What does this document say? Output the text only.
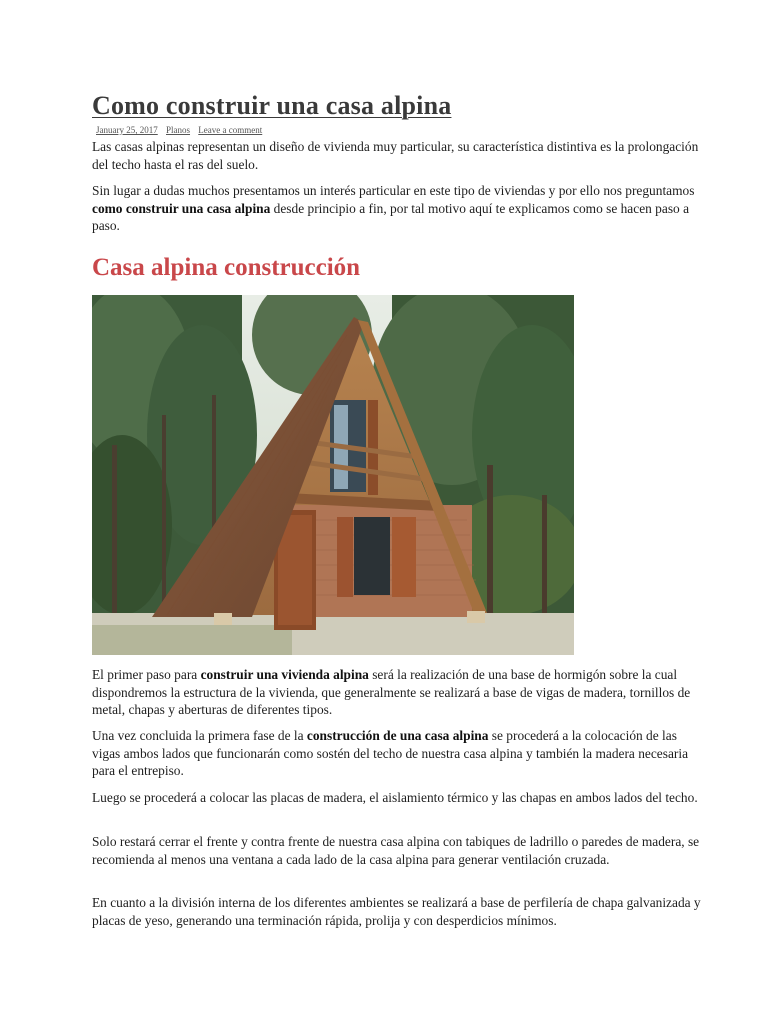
Como construir una casa alpina
January 25, 2017 Planos Leave a comment

Las casas alpinas representan un diseño de vivienda muy particular, su característica distintiva es la prolongación del techo hasta el ras del suelo.

Sin lugar a dudas muchos presentamos un interés particular en este tipo de viviendas y por ello nos preguntamos como construir una casa alpina desde principio a fin, por tal motivo aquí te explicamos como se hacen paso a paso.

Casa alpina construcción

El primer paso para construir una vivienda alpina será la realización de una base de hormigón sobre la cual dispondremos la estructura de la vivienda, que generalmente se realizará a base de vigas de madera, tornillos de metal, chapas y aberturas de diferentes tipos.

Una vez concluida la primera fase de la construcción de una casa alpina se procederá a la colocación de las vigas ambos lados que funcionarán como sostén del techo de nuestra casa alpina y también la madera necesaria para el entrepiso.

Luego se procederá a colocar las placas de madera, el aislamiento térmico y las chapas en ambos lados del techo.

Solo restará cerrar el frente y contra frente de nuestra casa alpina con tabiques de ladrillo o paredes de madera, se recomienda al menos una ventana a cada lado de la casa alpina para generar ventilación cruzada.

En cuanto a la división interna de los diferentes ambientes se realizará a base de perfilería de chapa galvanizada y placas de yeso, generando una terminación rápida, prolija y con desperdicios mínimos.
